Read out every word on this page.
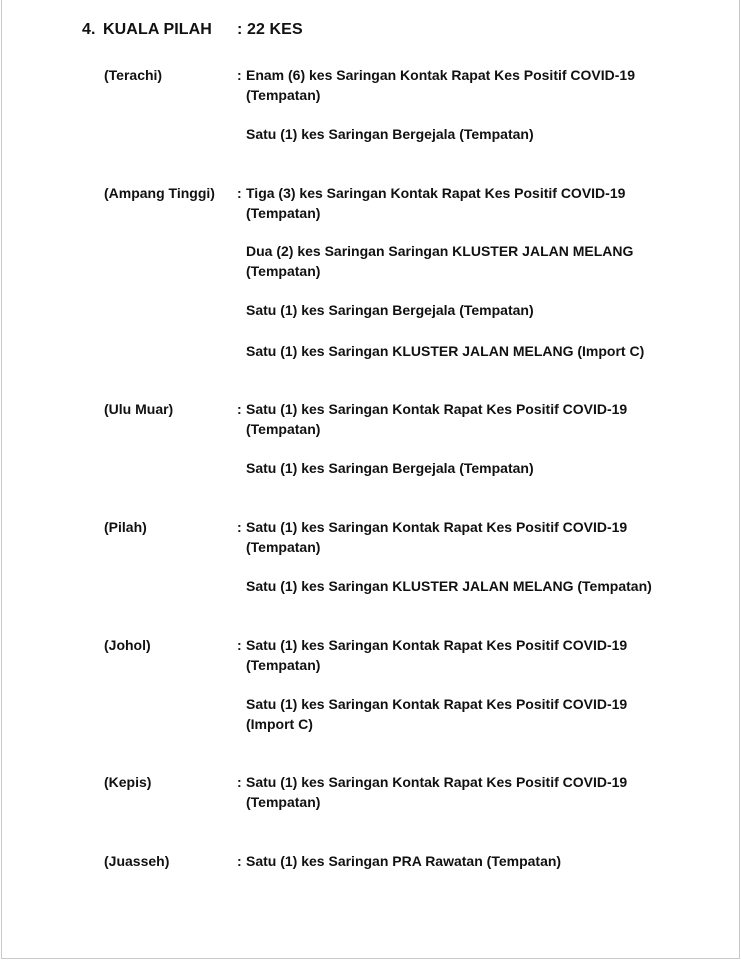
4. KUALA PILAH : 22 KES
(Terachi)	: Enam (6) kes Saringan Kontak Rapat Kes Positif COVID-19 (Tempatan)
Satu (1) kes Saringan Bergejala (Tempatan)
(Ampang Tinggi) : Tiga (3) kes Saringan Kontak Rapat Kes Positif COVID-19 (Tempatan)
Dua (2) kes Saringan Saringan KLUSTER JALAN MELANG (Tempatan)
Satu (1) kes Saringan Bergejala (Tempatan)
Satu (1) kes Saringan KLUSTER JALAN MELANG (Import C)
(Ulu Muar)	: Satu (1) kes Saringan Kontak Rapat Kes Positif COVID-19 (Tempatan)
Satu (1) kes Saringan Bergejala (Tempatan)
(Pilah)	: Satu (1) kes Saringan Kontak Rapat Kes Positif COVID-19 (Tempatan)
Satu (1) kes Saringan KLUSTER JALAN MELANG (Tempatan)
(Johol)	: Satu (1) kes Saringan Kontak Rapat Kes Positif COVID-19 (Tempatan)
Satu (1) kes Saringan Kontak Rapat Kes Positif COVID-19 (Import C)
(Kepis)	: Satu (1) kes Saringan Kontak Rapat Kes Positif COVID-19 (Tempatan)
(Juasseh)	: Satu (1) kes Saringan PRA Rawatan (Tempatan)
